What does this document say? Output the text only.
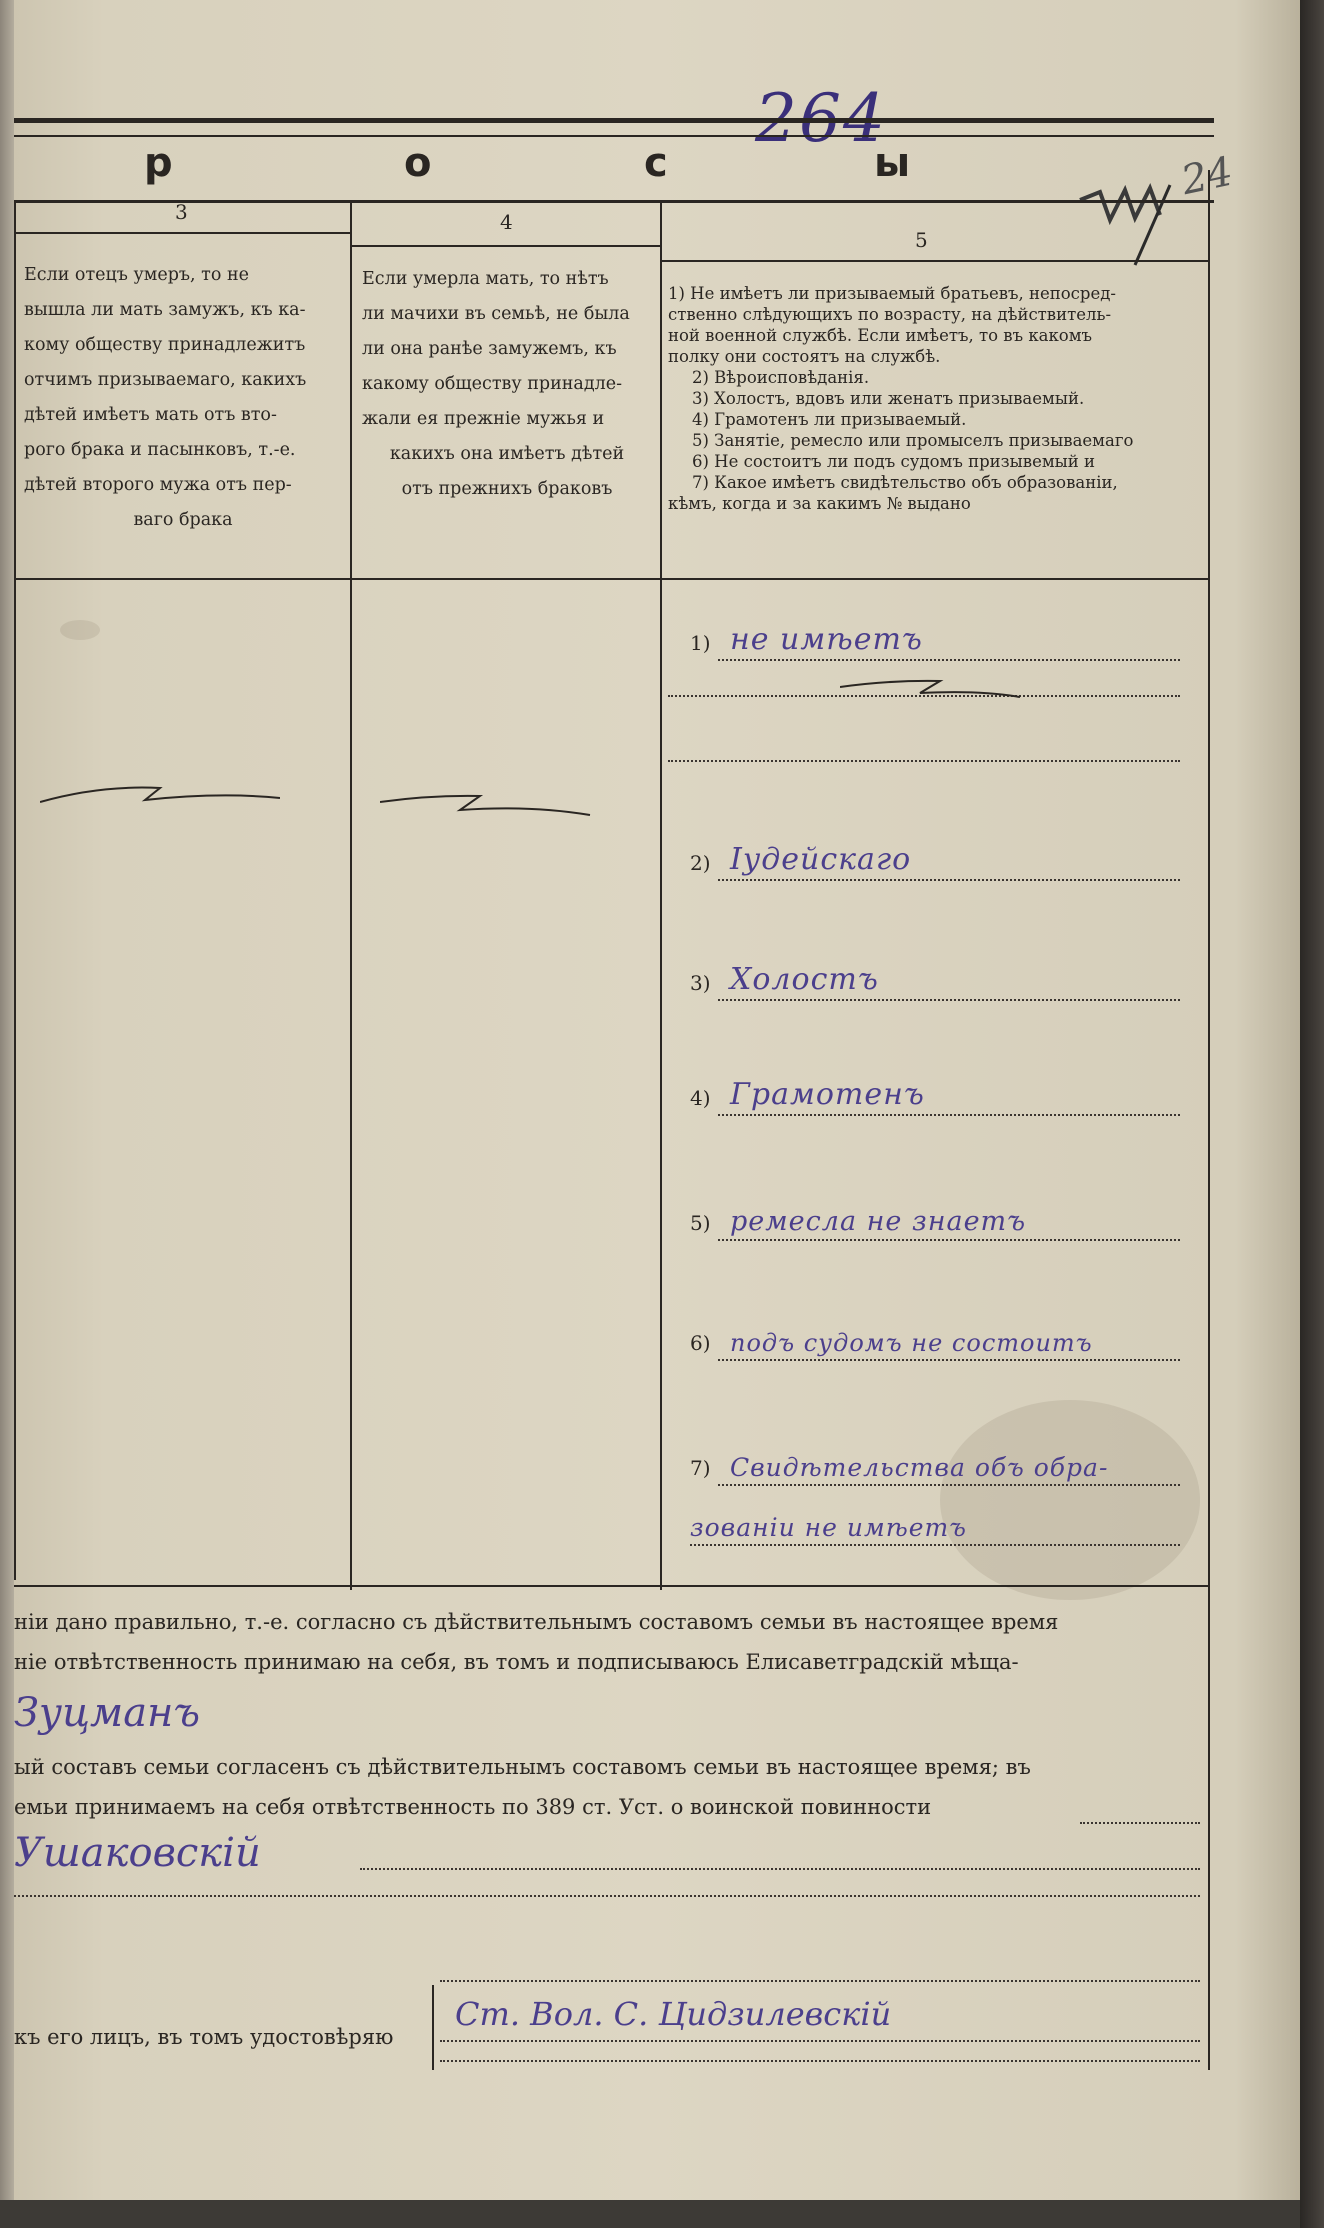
264
24
р	о	с	ы
3	4
5
Если отецъ умеръ, то не
вышла ли мать замужъ, къ ка-
кому обществу принадлежитъ
отчимъ призываемаго, какихъ
дѣтей имѣетъ мать отъ вто-
рого брака и пасынковъ, т.-е.
дѣтей второго мужа отъ пер-
ваго брака
Если умерла мать, то нѣтъ
ли мачихи въ семьѣ, не была
ли она ранѣе замужемъ, къ
какому обществу принадле-
жали ея прежніе мужья и
какихъ она имѣетъ дѣтей
отъ прежнихъ браковъ
1) Не имѣетъ ли призываемый братьевъ, непосред-
ственно слѣдующихъ по возрасту, на дѣйствитель-
ной военной службѣ. Если имѣетъ, то въ какомъ
полку они состоятъ на службѣ.
2) Вѣроисповѣданія.
3) Холостъ, вдовъ или женатъ призываемый.
4) Грамотенъ ли призываемый.
5) Занятіе, ремесло или промыселъ призываемаго
6) Не состоитъ ли подъ судомъ призывемый и
7) Какое имѣетъ свидѣтельство объ образованіи,
кѣмъ, когда и за какимъ № выдано
1) не имѣетъ
2) Іудейскаго
3) Холостъ
4) Грамотенъ
5) ремесла не знаетъ
6) подъ судомъ не состоитъ
7) Свидѣтельства объ обра-
зованіи не имѣетъ
ніи дано правильно, т.-е. согласно съ дѣйствительнымъ составомъ семьи въ настоящее время
ніе отвѣтственность принимаю на себя, въ томъ и подписываюсь Елисаветградскій мѣща-
Зуцманъ
ый составъ семьи согласенъ съ дѣйствительнымъ составомъ семьи въ настоящее время; въ
емьи принимаемъ на себя отвѣтственность по 389 ст. Уст. о воинской повинности
Ушаковскій
къ его лицъ, въ томъ удостовѣряю
Ст. Вол. С. Цидзилевскій
